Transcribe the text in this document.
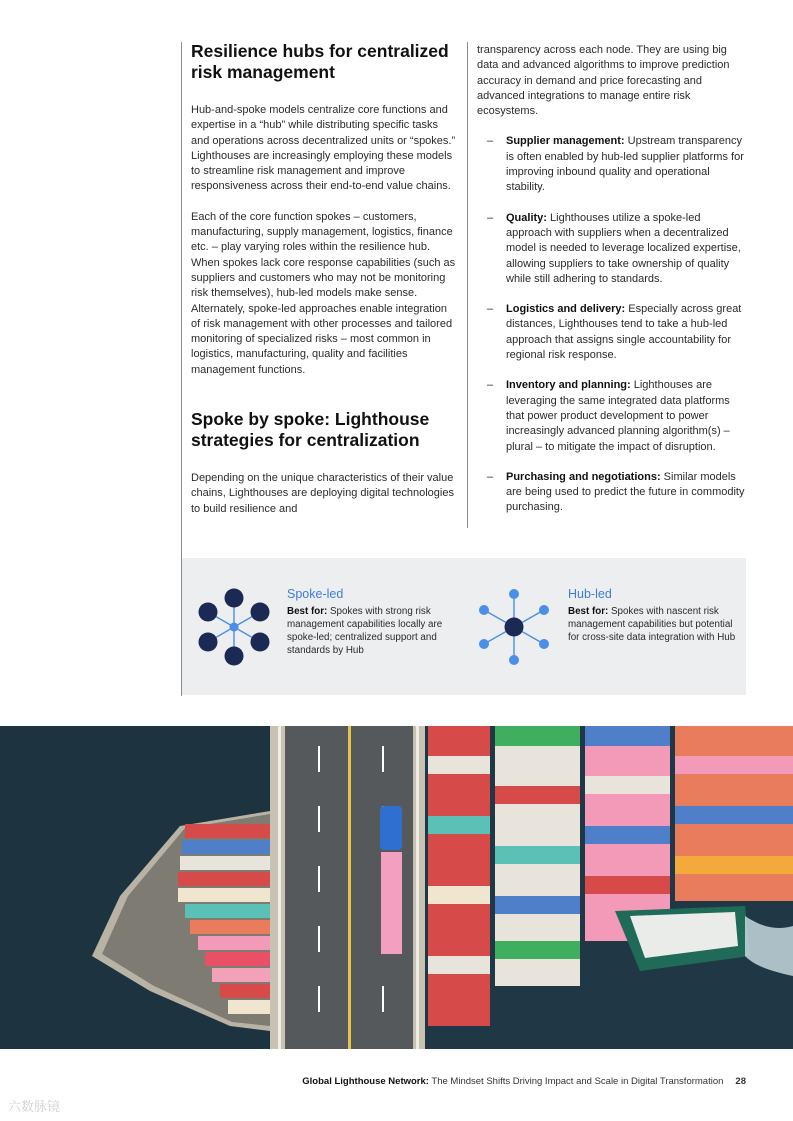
Resilience hubs for centralized risk management

Hub-and-spoke models centralize core functions and expertise in a “hub” while distributing specific tasks and operations across decentralized units or “spokes.” Lighthouses are increasingly employing these models to streamline risk management and improve responsiveness across their end-to-end value chains.

Each of the core function spokes – customers, manufacturing, supply management, logistics, finance etc. – play varying roles within the resilience hub. When spokes lack core response capabilities (such as suppliers and customers who may not be monitoring risk themselves), hub-led models make sense. Alternately, spoke-led approaches enable integration of risk management with other processes and tailored monitoring of specialized risks – most common in logistics, manufacturing, quality and facilities management functions.

Spoke by spoke: Lighthouse strategies for centralization

Depending on the unique characteristics of their value chains, Lighthouses are deploying digital technologies to build resilience and

transparency across each node. They are using big data and advanced algorithms to improve prediction accuracy in demand and price forecasting and advanced integrations to manage entire risk ecosystems.

– Supplier management: Upstream transparency is often enabled by hub-led supplier platforms for improving inbound quality and operational stability.
– Quality: Lighthouses utilize a spoke-led approach with suppliers when a decentralized model is needed to leverage localized expertise, allowing suppliers to take ownership of quality while still adhering to standards.
– Logistics and delivery: Especially across great distances, Lighthouses tend to take a hub-led approach that assigns single accountability for regional risk response.
– Inventory and planning: Lighthouses are leveraging the same integrated data platforms that power product development to power increasingly advanced planning algorithm(s) – plural – to mitigate the impact of disruption.
– Purchasing and negotiations: Similar models are being used to predict the future in commodity purchasing.
Spoke-led
Best for: Spokes with strong risk management capabilities locally are spoke-led; centralized support and standards by Hub
Hub-led
Best for: Spokes with nascent risk management capabilities but potential for cross-site data integration with Hub
Global Lighthouse Network: The Mindset Shifts Driving Impact and Scale in Digital Transformation 28
六数脉镜
